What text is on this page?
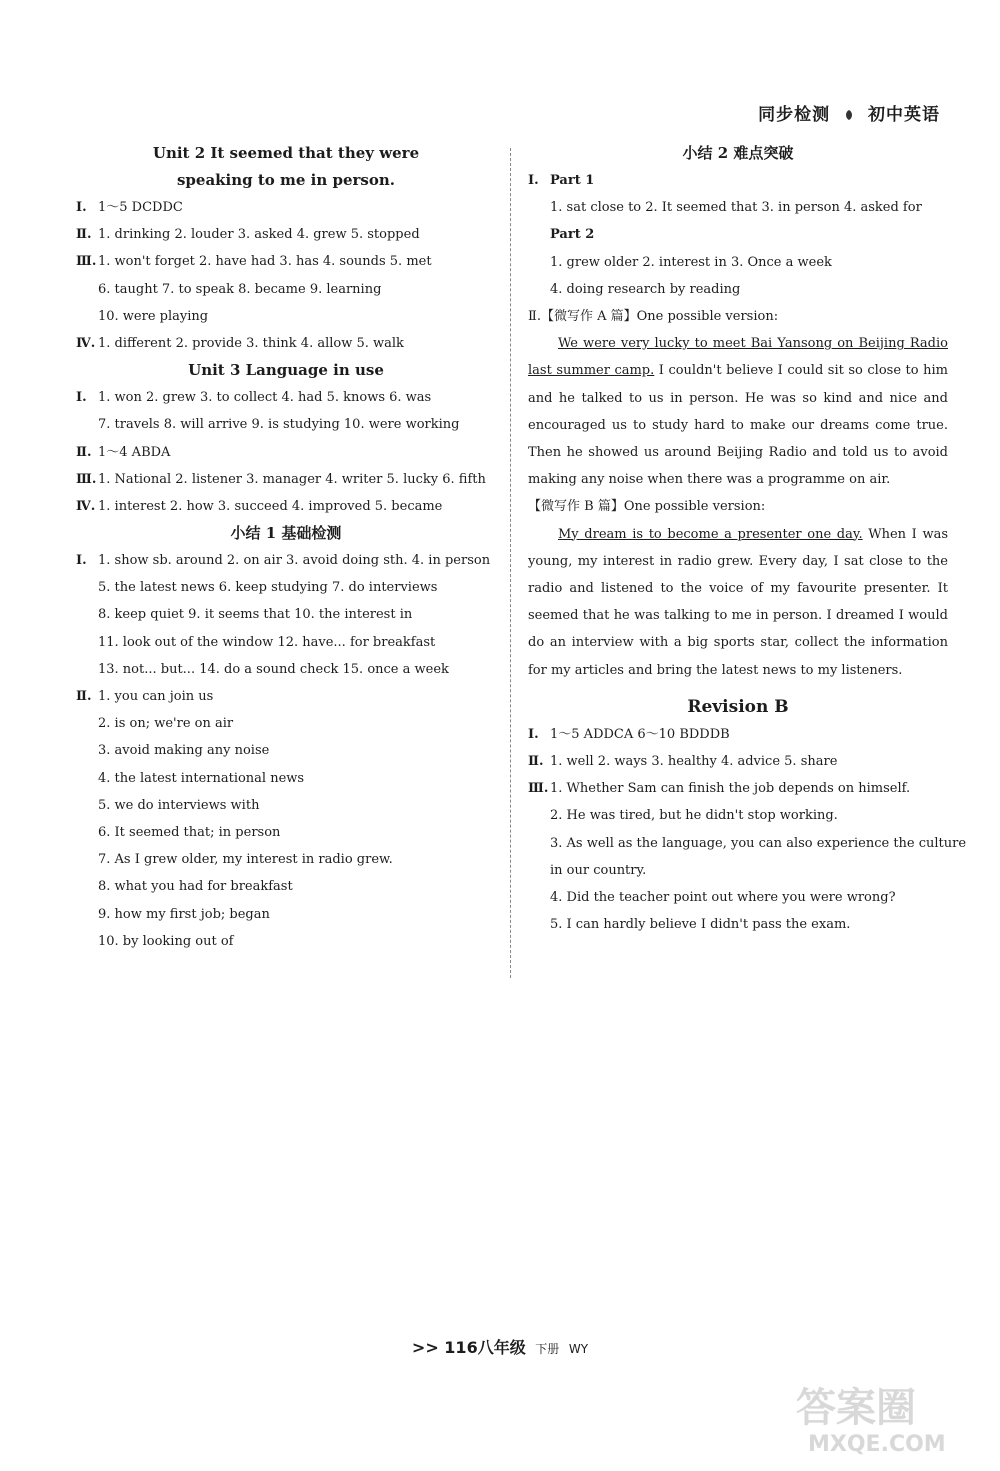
同步检测 初中英语
Unit 2 It seemed that they were
speaking to me in person.
Ⅰ. 1～5 DCDDC
Ⅱ. 1. drinking 2. louder 3. asked 4. grew 5. stopped
Ⅲ. 1. won't forget 2. have had 3. has 4. sounds 5. met
6. taught 7. to speak 8. became 9. learning
10. were playing
Ⅳ. 1. different 2. provide 3. think 4. allow 5. walk
Unit 3 Language in use
Ⅰ. 1. won 2. grew 3. to collect 4. had 5. knows 6. was
7. travels 8. will arrive 9. is studying 10. were working
Ⅱ. 1～4 ABDA
Ⅲ. 1. National 2. listener 3. manager 4. writer 5. lucky 6. fifth
Ⅳ. 1. interest 2. how 3. succeed 4. improved 5. became
小结 1 基础检测
Ⅰ. 1. show sb. around 2. on air 3. avoid doing sth. 4. in person
5. the latest news 6. keep studying 7. do interviews
8. keep quiet 9. it seems that 10. the interest in
11. look out of the window 12. have... for breakfast
13. not... but... 14. do a sound check 15. once a week
Ⅱ. 1. you can join us
2. is on; we're on air
3. avoid making any noise
4. the latest international news
5. we do interviews with
6. It seemed that; in person
7. As I grew older, my interest in radio grew.
8. what you had for breakfast
9. how my first job; began
10. by looking out of
小结 2 难点突破
Ⅰ. Part 1
1. sat close to 2. It seemed that 3. in person 4. asked for
Part 2
1. grew older 2. interest in 3. Once a week
4. doing research by reading
Ⅱ.【微写作 A 篇】One possible version:
We were very lucky to meet Bai Yansong on Beijing Radio last summer camp. I couldn't believe I could sit so close to him and he talked to us in person. He was so kind and nice and encouraged us to study hard to make our dreams come true. Then he showed us around Beijing Radio and told us to avoid making any noise when there was a programme on air.
【微写作 B 篇】One possible version:
My dream is to become a presenter one day. When I was young, my interest in radio grew. Every day, I sat close to the radio and listened to the voice of my favourite presenter. It seemed that he was talking to me in person. I dreamed I would do an interview with a big sports star, collect the information for my articles and bring the latest news to my listeners.
Revision B
Ⅰ. 1～5 ADDCA 6～10 BDDDB
Ⅱ. 1. well 2. ways 3. healthy 4. advice 5. share
Ⅲ. 1. Whether Sam can finish the job depends on himself.
2. He was tired, but he didn't stop working.
3. As well as the language, you can also experience the culture
in our country.
4. Did the teacher point out where you were wrong?
5. I can hardly believe I didn't pass the exam.
>> 116八年级 下册 WY
答案圈
MXQE.COM
